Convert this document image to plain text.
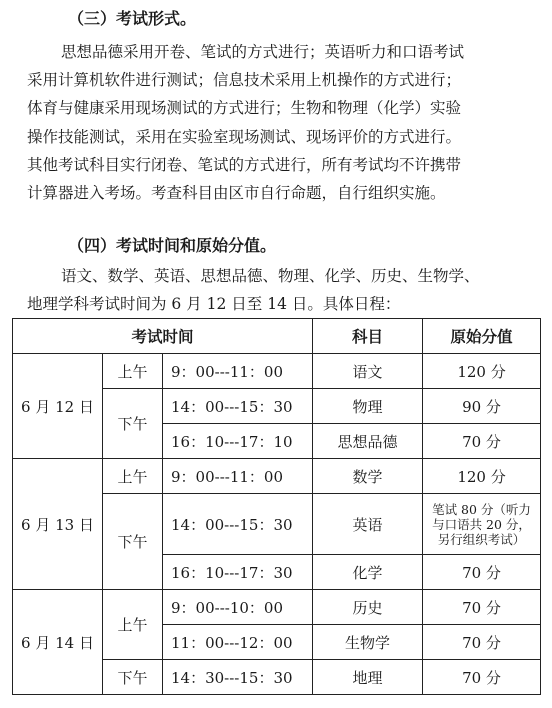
（三）考试形式。
思想品德采用开卷、笔试的方式进行；英语听力和口语考试
采用计算机软件进行测试；信息技术采用上机操作的方式进行；
体育与健康采用现场测试的方式进行；生物和物理（化学）实验
操作技能测试，采用在实验室现场测试、现场评价的方式进行。
其他考试科目实行闭卷、笔试的方式进行，所有考试均不许携带
计算器进入考场。考查科目由区市自行命题，自行组织实施。
（四）考试时间和原始分值。
语文、数学、英语、思想品德、物理、化学、历史、生物学、
地理学科考试时间为 6 月 12 日至 14 日。具体日程：
考试时间			科目	原始分值
6 月 12 日	上午	9：00---11：00	语文	120 分
	下午	14：00---15：30	物理	90 分
		16：10---17：10	思想品德	70 分
6 月 13 日	上午	9：00---11：00	数学	120 分
	下午	14：00---15：30	英语	笔试 80 分（听力与口语共 20 分，另行组织考试）
		16：10---17：30	化学	70 分
6 月 14 日	上午	9：00---10：00	历史	70 分
		11：00---12：00	生物学	70 分
	下午	14：30---15：30	地理	70 分
